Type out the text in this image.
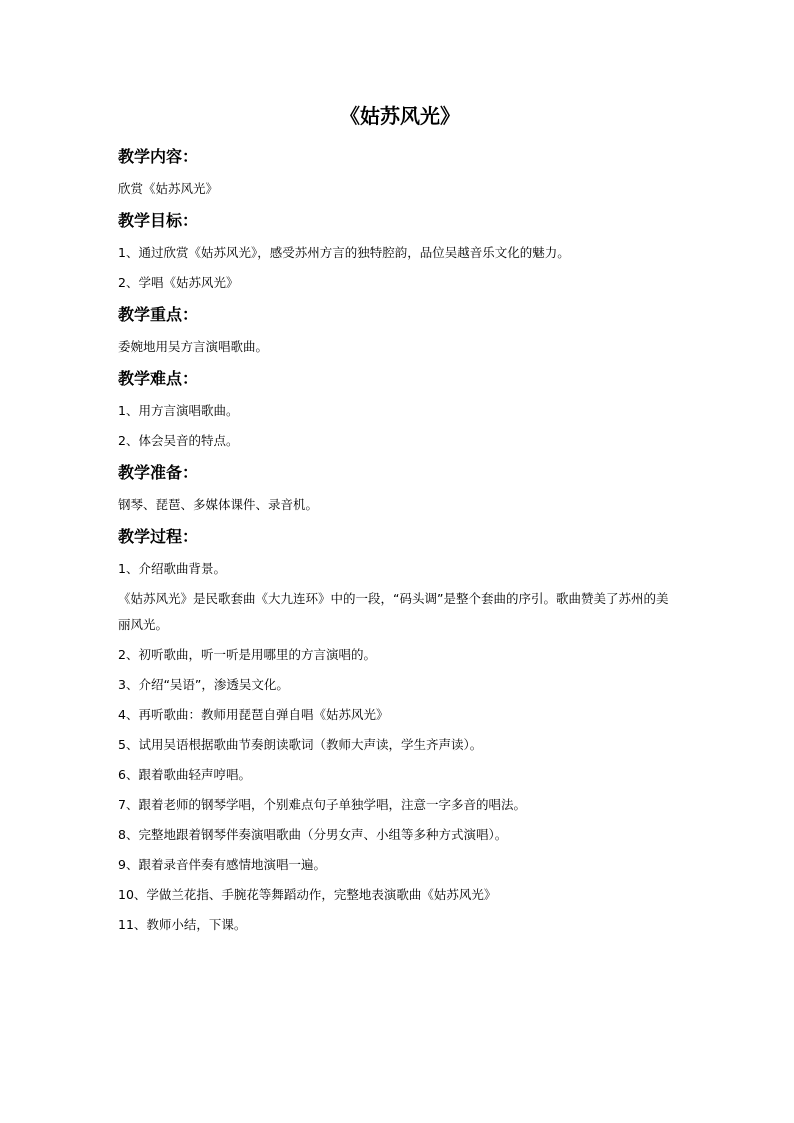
《姑苏风光》
教学内容：
欣赏《姑苏风光》
教学目标：
1、通过欣赏《姑苏风光》，感受苏州方言的独特腔韵，品位吴越音乐文化的魅力。
2、学唱《姑苏风光》
教学重点：
委婉地用吴方言演唱歌曲。
教学难点：
1、用方言演唱歌曲。
2、体会吴音的特点。
教学准备：
钢琴、琵琶、多媒体课件、录音机。
教学过程：
1、介绍歌曲背景。
《姑苏风光》是民歌套曲《大九连环》中的一段，“码头调”是整个套曲的序引。歌曲赞美了苏州的美丽风光。
2、初听歌曲，听一听是用哪里的方言演唱的。
3、介绍“吴语”，渗透吴文化。
4、再听歌曲：教师用琵琶自弹自唱《姑苏风光》
5、试用吴语根据歌曲节奏朗读歌词（教师大声读，学生齐声读）。
6、跟着歌曲轻声哼唱。
7、跟着老师的钢琴学唱，个别难点句子单独学唱，注意一字多音的唱法。
8、完整地跟着钢琴伴奏演唱歌曲（分男女声、小组等多种方式演唱）。
9、跟着录音伴奏有感情地演唱一遍。
10、学做兰花指、手腕花等舞蹈动作，完整地表演歌曲《姑苏风光》
11、教师小结，下课。
